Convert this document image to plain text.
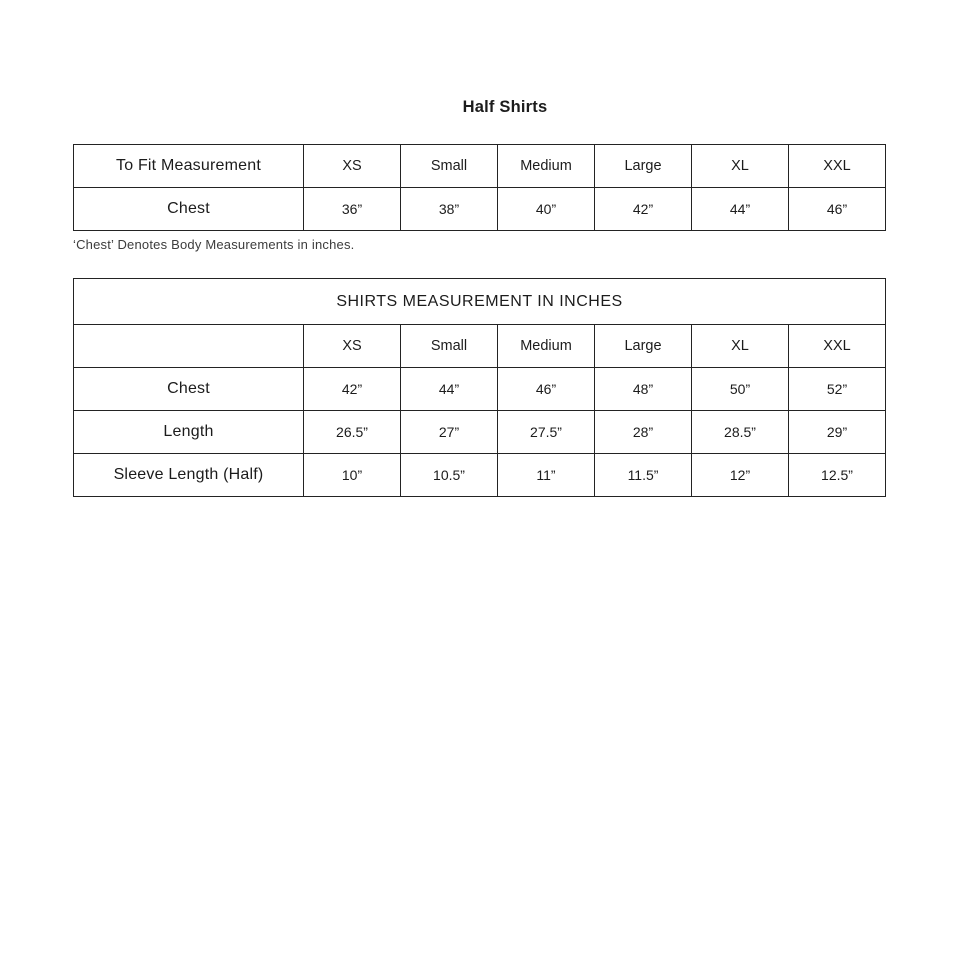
Half Shirts
To Fit Measurement	XS	Small	Medium	Large	XL	XXL
Chest	36”	38”	40”	42”	44”	46”

‘Chest’ Denotes Body Measurements in inches.

SHIRTS MEASUREMENT IN INCHES						
	XS	Small	Medium	Large	XL	XXL
Chest	42”	44”	46”	48”	50”	52”
Length	26.5”	27”	27.5”	28”	28.5”	29”
Sleeve Length (Half)	10”	10.5”	11”	11.5”	12”	12.5”
